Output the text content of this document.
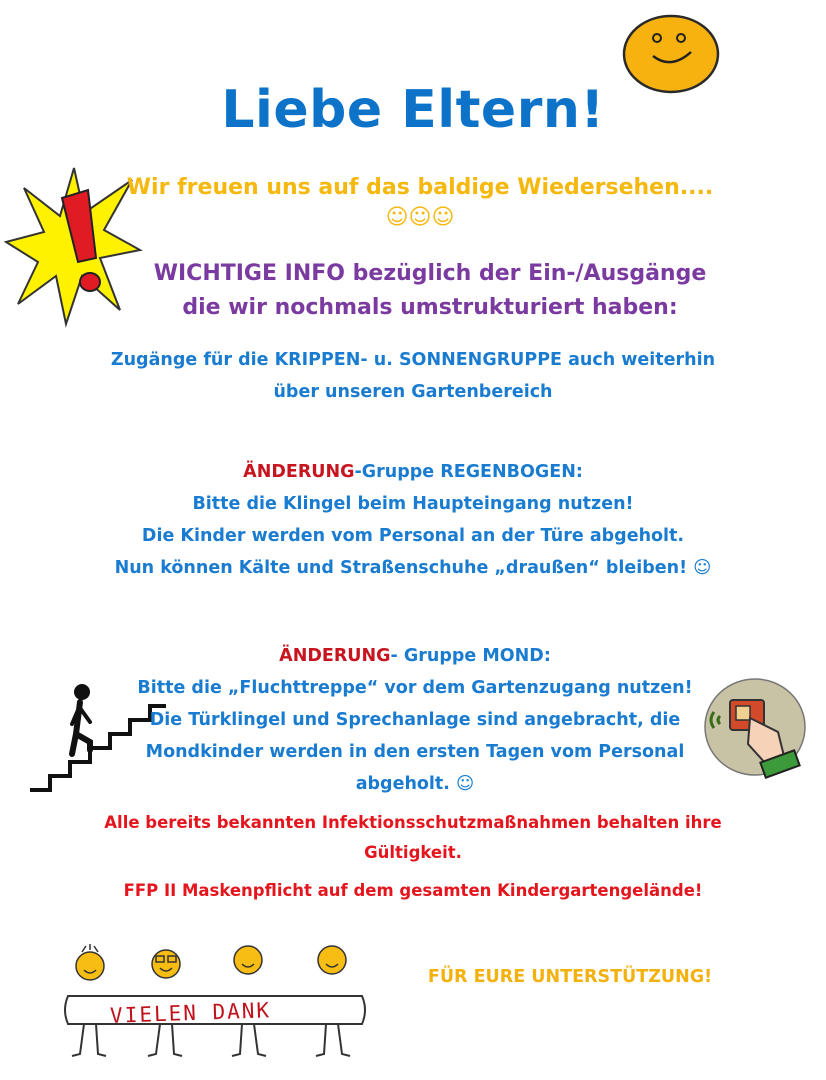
VIELEN DANK
Liebe Eltern!
Wir freuen uns auf das baldige Wiedersehen....
☺☺☺
WICHTIGE INFO bezüglich der Ein-/Ausgänge
die wir nochmals umstrukturiert haben:
Zugänge für die KRIPPEN- u. SONNENGRUPPE auch weiterhin
über unseren Gartenbereich
ÄNDERUNG-Gruppe REGENBOGEN:
Bitte die Klingel beim Haupteingang nutzen!
Die Kinder werden vom Personal an der Türe abgeholt.
Nun können Kälte und Straßenschuhe „draußen“ bleiben! ☺
ÄNDERUNG- Gruppe MOND:
Bitte die „Fluchttreppe“ vor dem Gartenzugang nutzen!
Die Türklingel und Sprechanlage sind angebracht, die
Mondkinder werden in den ersten Tagen vom Personal
abgeholt. ☺
Alle bereits bekannten Infektionsschutzmaßnahmen behalten ihre
Gültigkeit.
FFP II Maskenpflicht auf dem gesamten Kindergartengelände!
FÜR EURE UNTERSTÜTZUNG!
